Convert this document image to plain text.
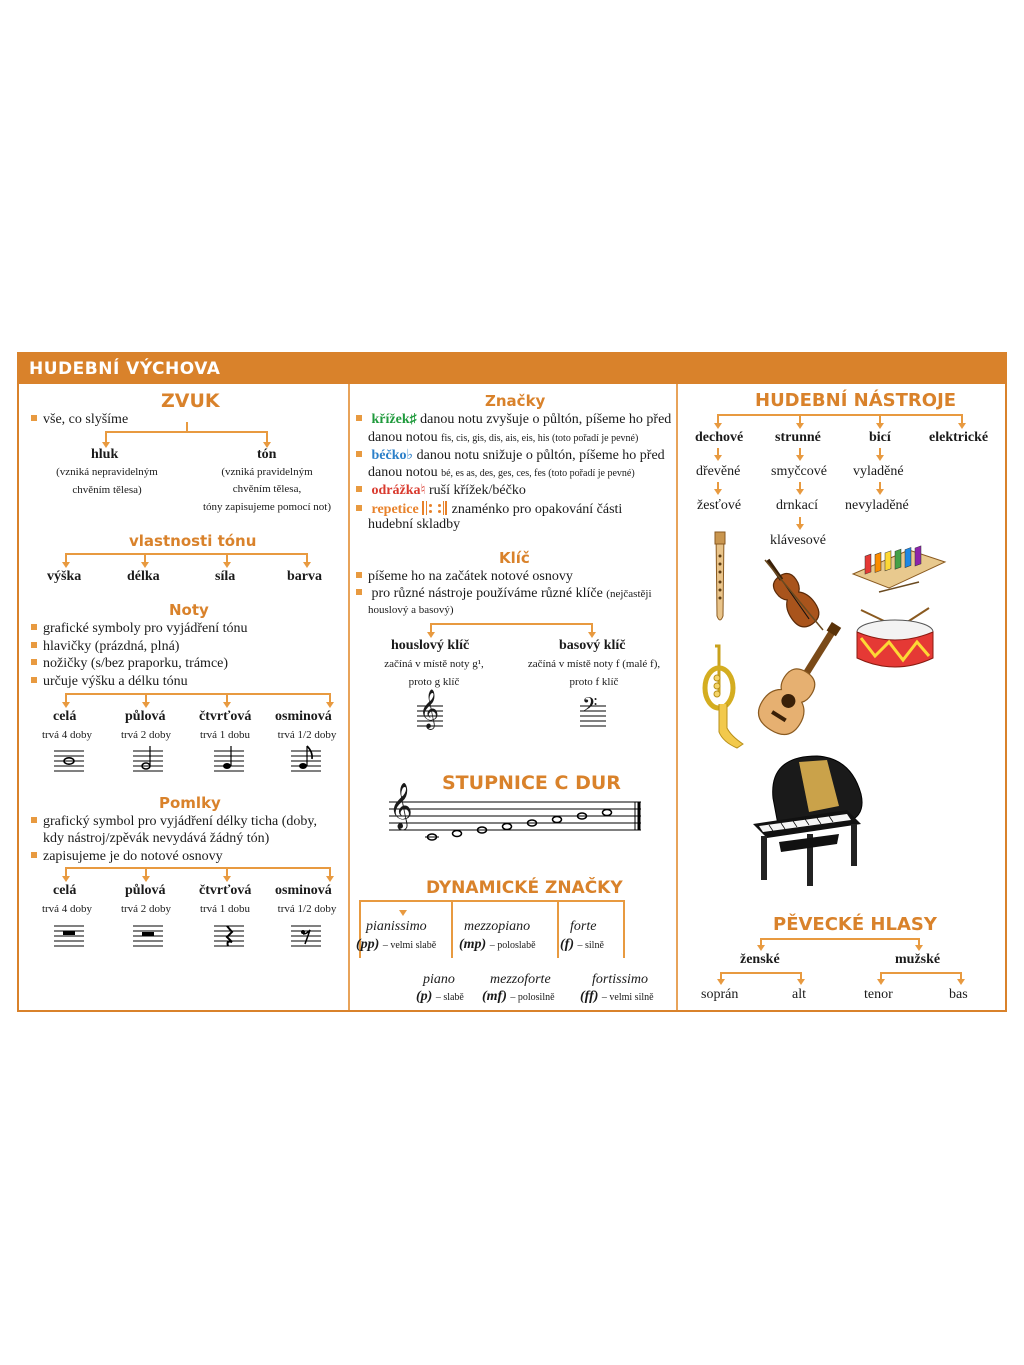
HUDEBNÍ VÝCHOVA
ZVUK
vše, co slyšíme
hluk
(vzniká nepravidelným
chvěním tělesa)
tón
(vzniká pravidelným
chvěním tělesa,
tóny zapisujeme pomocí not)
vlastnosti tónu
výška	délka	síla	barva
Noty
grafické symboly pro vyjádření tónu
hlavičky (prázdná, plná)
nožičky (s/bez praporku, trámce)
určuje výšku a délku tónu
celá	půlová čtvrťová osminová
trvá 4 doby	trvá 2 doby	trvá 1 dobu	trvá 1/2 doby
Pomlky
grafický symbol pro vyjádření délky ticha (doby,
kdy nástroj/zpěvák nevydává žádný tón)
zapisujeme je do notové osnovy
celá	půlová čtvrťová osminová
trvá 4 doby	trvá 2 doby	trvá 1 dobu	trvá 1/2 doby
Značky
křížek♯ danou notu zvyšuje o půltón, píšeme ho před
danou notou fis, cis, gis, dis, ais, eis, his (toto pořadí je pevné)
béčko♭ danou notu snižuje o půltón, píšeme ho před
danou notou bé, es as, des, ges, ces, fes (toto pořadí je pevné)
odrážka♮ ruší křížek/béčko
repetice znaménko pro opakování části
hudební skladby
Klíč
píšeme ho na začátek notové osnovy
pro různé nástroje používáme různé klíče (nejčastěji
houslový a basový)
houslový klíč
začíná v místě noty g¹,
proto g klíč
basový klíč
začíná v místě noty f (malé f),
proto f klíč
𝄞	𝄢
STUPNICE C DUR
𝄞
DYNAMICKÉ ZNAČKY
pianissimo
(pp) – velmi slabě
mezzopiano
(mp) – poloslabě
forte
(f) – silně
piano
(p) – slabě
mezzoforte
(mf) – polosilně
fortissimo
(ff) – velmi silně
HUDEBNÍ NÁSTROJE
dechové strunné	bicí	elektrické
dřevěné smyčcové vyladěné
žesťové drnkací nevyladěné
klávesové
PĚVECKÉ HLASY
ženské	mužské
soprán	alt	tenor	bas
